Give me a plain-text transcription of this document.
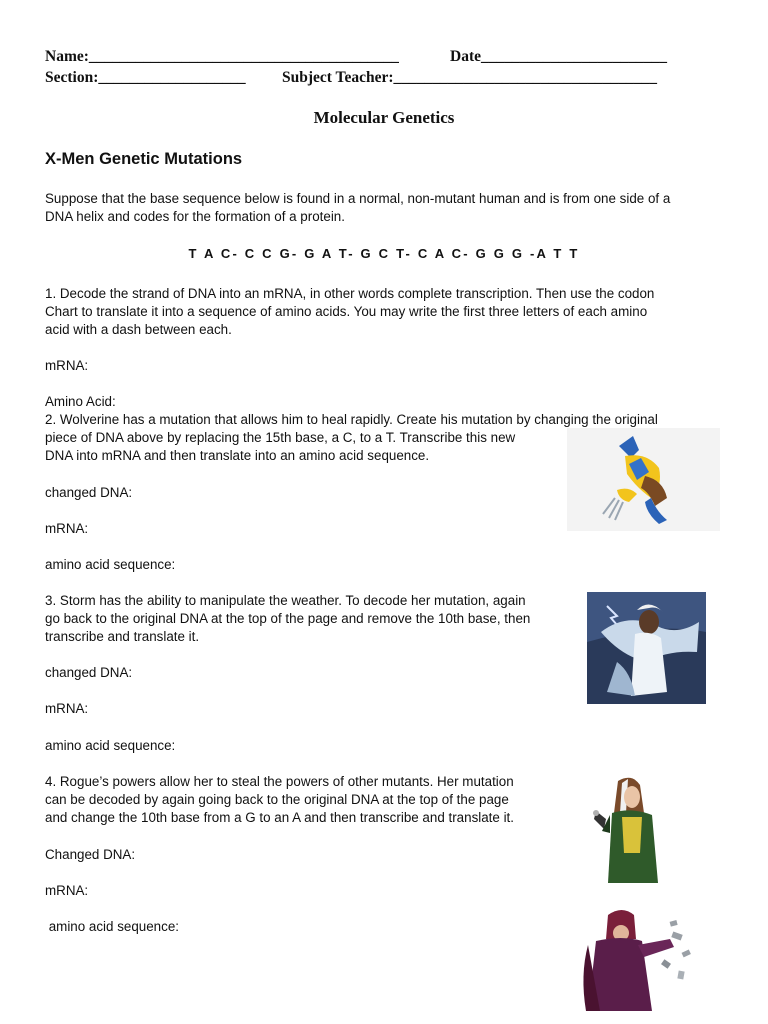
Name:________________________________________	Date________________________
Section:___________________ Subject Teacher:__________________________________
Molecular Genetics
X-Men Genetic Mutations
Suppose that the base sequence below is found in a normal, non-mutant human and is from one side of a
DNA helix and codes for the formation of a protein.
T A C- C C G- G A T- G C T- C A C- G G G -A T T
1. Decode the strand of DNA into an mRNA, in other words complete transcription. Then use the codon
Chart to translate it into a sequence of amino acids. You may write the first three letters of each amino
acid with a dash between each.
mRNA:
Amino Acid:
2. Wolverine has a mutation that allows him to heal rapidly. Create his mutation by changing the original
piece of DNA above by replacing the 15th base, a C, to a T. Transcribe this new
DNA into mRNA and then translate into an amino acid sequence.
changed DNA:
mRNA:
amino acid sequence:
3. Storm has the ability to manipulate the weather. To decode her mutation, again
go back to the original DNA at the top of the page and remove the 10th base, then
transcribe and translate it.
changed DNA:
mRNA:
amino acid sequence:
4. Rogue’s powers allow her to steal the powers of other mutants. Her mutation
can be decoded by again going back to the original DNA at the top of the page
and change the 10th base from a G to an A and then transcribe and translate it.
Changed DNA:
mRNA:
amino acid sequence:
